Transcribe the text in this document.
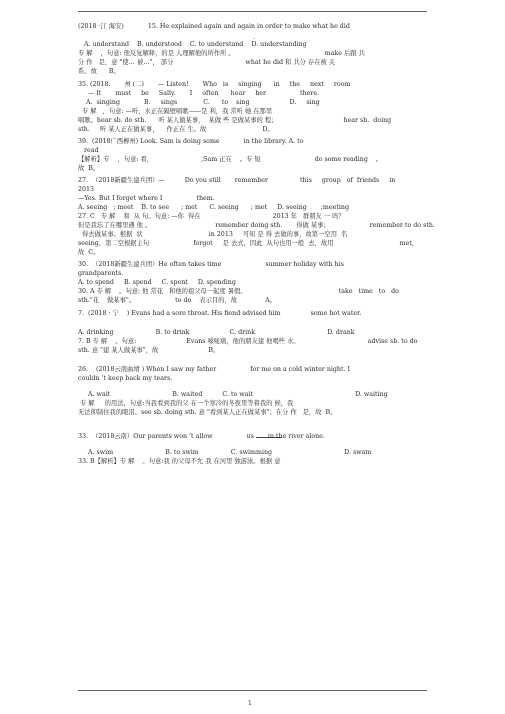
(2018 ·江 海安)            15. He explained again and again in order to make what he did
.
A. understand    B. understood    C. to understand    D. understanding
专 解    ，句意: 他反复解释，的是 人理解他的所作所 。                                             make 后跟 共
分 作   是，意 "使… 被…"， 部分                                    what he did 和 共分 存在被 关
系。故      B。
35. (2018.       州 (二)       — Listen!       Who   is     singing      in     the     next     room
— It       must     be     Sally.       I     often      hear     her                 there.
A.  singing            B.     sings             C.      to    sing                    D.     sing
专 解   ，句意: —听，水正在隔壁唱歌——是 利，我 常听 她 在那里
唱歌。hear sb. do sth.      听 某人做某事，  某做 些 是做某事的 程；                                 hear sb.  doing
sth.     听 某人正在做某事，    作正在 生。故                            D。
39.  (2018广西柳州) Look. Sam is doing some            in the library. A. to
read
【解析】专    ，句意: 看，                        ,Sam 正在    。专 短                           do some reading    。
故  B。
27.  （2018新疆生建兵团）—          Do you still       remember                this     group   of  friends     in
2013
—Yes. But I forget where I                 them.
A. seeing   ; meet    B. to see      ; met      C. seeing      ; met     D. seeing       ;meeting
27. C   专 解    和  从 句。句意: —你  得在                                    2013 年   群朋友 一 吗？
但是我忘了在哪里遇 他 。                                remember doing sth.       得做 某事；                    remember to do sth.
得去做某事。根据  状                                 in 2013     可知 是 得 去做的事，故第一空用  名
seeing，第二空根据主句                      forgot     是 去式，因此  从句也用一般  去，故用                                 met，
故  C。
30.  （2018新疆生建兵团）He often takes time                      summer holiday with his
grandparents.
A. to spend     B. spend     C. spent     D. spending
30. A 专 解    。句意: 他 常花   和他的祖父母一起度 暑假。                                              take   time   to   do
sth."花    做某事"。                    to do    表示目的，故              A。
7.  (2018 · 宁    ) Evans had a sore throat. His fiend advised him               some hot water.
A. drinking                     B. to drink                    C. drink                                    D. drank
7. B 专 解    。句意:                         Evans 嗓咙痛，他的朋友建 他喝些 水。                                  advise sb. to do
sth. 意 "建 某人做某事"，故                         B。
26.    (2018云南曲靖 ) When I saw my father                 for me on a cold winter night. I
couldn ’t keep back my tears.
A. wait                               B. waited          C. to wait                                                   D. waiting
专 解     的用法，句意:当我看到我的父 在一个寒冷的冬夜里等着我的 候，我
无法抑制住我的眼泪。see sb. doing sth. 意 "看到某人正在做某事"；在分 作   是，故  B。
33.  （2018云南）Our parents won ’t allow                 us       in the river alone.
A. swim                          B. to swim                C. swimming                                    D. swam
33. B【解析】专 解    。句意:我 的父母不允 我 在河里 独游泳。根据 意
1
